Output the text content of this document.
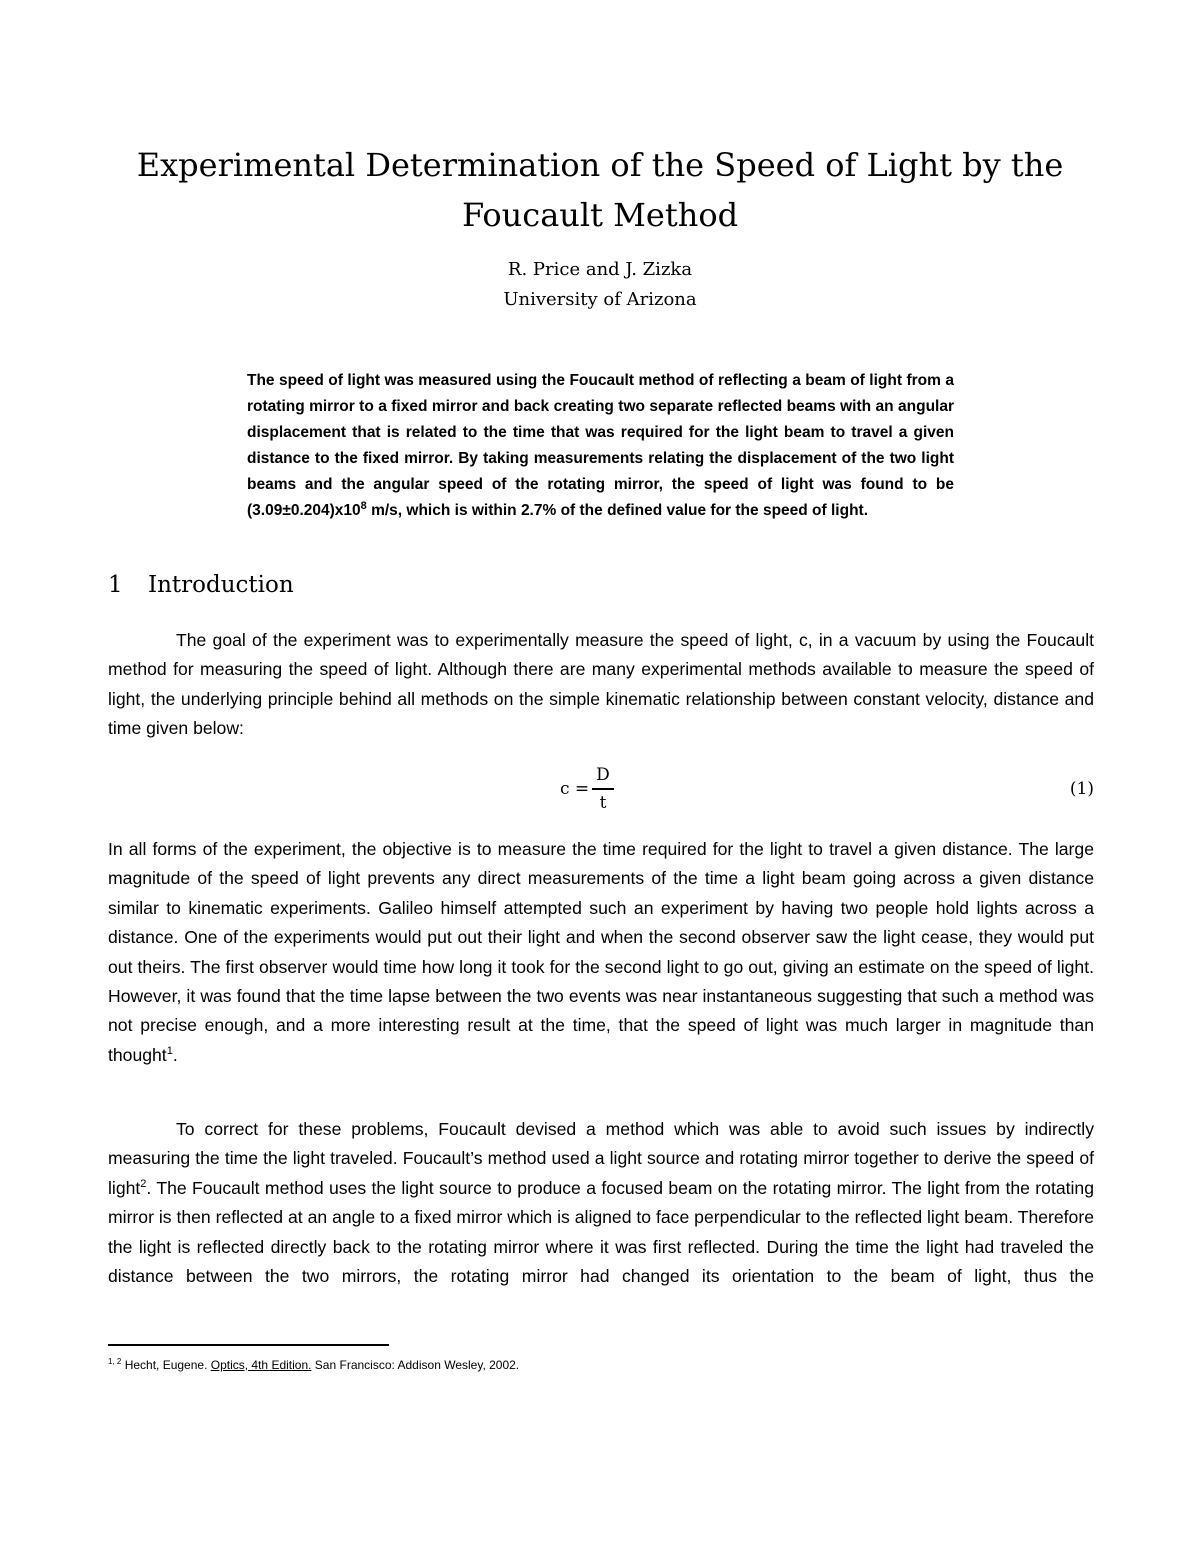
Experimental Determination of the Speed of Light by the Foucault Method
R. Price and J. Zizka
University of Arizona

The speed of light was measured using the Foucault method of reflecting a beam of light from a rotating mirror to a fixed mirror and back creating two separate reflected beams with an angular displacement that is related to the time that was required for the light beam to travel a given distance to the fixed mirror. By taking measurements relating the displacement of the two light beams and the angular speed of the rotating mirror, the speed of light was found to be $(3.09\pm 0.204)x10^8$ m/s, which is within 2.7% of the defined value for the speed of light.

1 Introduction

The goal of the experiment was to experimentally measure the speed of light, c, in a vacuum by using the Foucault method for measuring the speed of light. Although there are many experimental methods available to measure the speed of light, the underlying principle behind all methods on the simple kinematic relationship between constant velocity, distance and time given below:

c =
D
t
(1)

In all forms of the experiment, the objective is to measure the time required for the light to travel a given distance. The large magnitude of the speed of light prevents any direct measurements of the time a light beam going across a given distance similar to kinematic experiments. Galileo himself attempted such an experiment by having two people hold lights across a distance. One of the experiments would put out their light and when the second observer saw the light cease, they would put out theirs. The first observer would time how long it took for the second light to go out, giving an estimate on the speed of light. However, it was found that the time lapse between the two events was near instantaneous suggesting that such a method was not precise enough, and a more interesting result at the time, that the speed of light was much larger in magnitude than thought$^1$.

To correct for these problems, Foucault devised a method which was able to avoid such issues by indirectly measuring the time the light traveled. Foucault’s method used a light source and rotating mirror together to derive the speed of light$^2$. The Foucault method uses the light source to produce a focused beam on the rotating mirror. The light from the rotating mirror is then reflected at an angle to a fixed mirror which is aligned to face perpendicular to the reflected light beam. Therefore the light is reflected directly back to the rotating mirror where it was first reflected. During the time the light had traveled the distance between the two mirrors, the rotating mirror had changed its orientation to the beam of light, thus the

$^{1, 2}$ Hecht, Eugene. Optics, 4th Edition. San Francisco: Addison Wesley, 2002.
